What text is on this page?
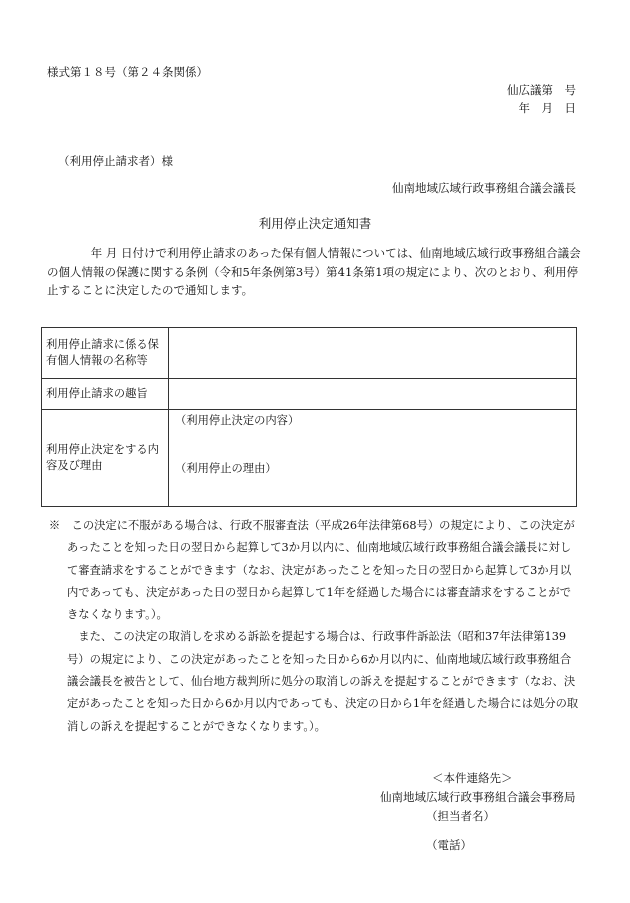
様式第１８号（第２４条関係）
仙広議第　号
年　月　日
（利用停止請求者）様
仙南地域広域行政事務組合議会議長
利用停止決定通知書
年 月 日付けで利用停止請求のあった保有個人情報については、仙南地域広域行政事務組合議会の個人情報の保護に関する条例（令和5年条例第3号）第41条第1項の規定により、次のとおり、利用停止することに決定したので通知します。
利用停止請求に係る保有個人情報の名称等	
利用停止請求の趣旨	
利用停止決定をする内容及び理由	（利用停止決定の内容）
（利用停止の理由）

※　この決定に不服がある場合は、行政不服審査法（平成26年法律第68号）の規定により、この決定があったことを知った日の翌日から起算して3か月以内に、仙南地域広域行政事務組合議会議長に対して審査請求をすることができます（なお、決定があったことを知った日の翌日から起算して3か月以内であっても、決定があった日の翌日から起算して1年を経過した場合には審査請求をすることができなくなります。）。

また、この決定の取消しを求める訴訟を提起する場合は、行政事件訴訟法（昭和37年法律第139号）の規定により、この決定があったことを知った日から6か月以内に、仙南地域広域行政事務組合議会議長を被告として、仙台地方裁判所に処分の取消しの訴えを提起することができます（なお、決定があったことを知った日から6か月以内であっても、決定の日から1年を経過した場合には処分の取消しの訴えを提起することができなくなります。）。

＜本件連絡先＞
仙南地域広域行政事務組合議会事務局
（担当者名）
（電話）
